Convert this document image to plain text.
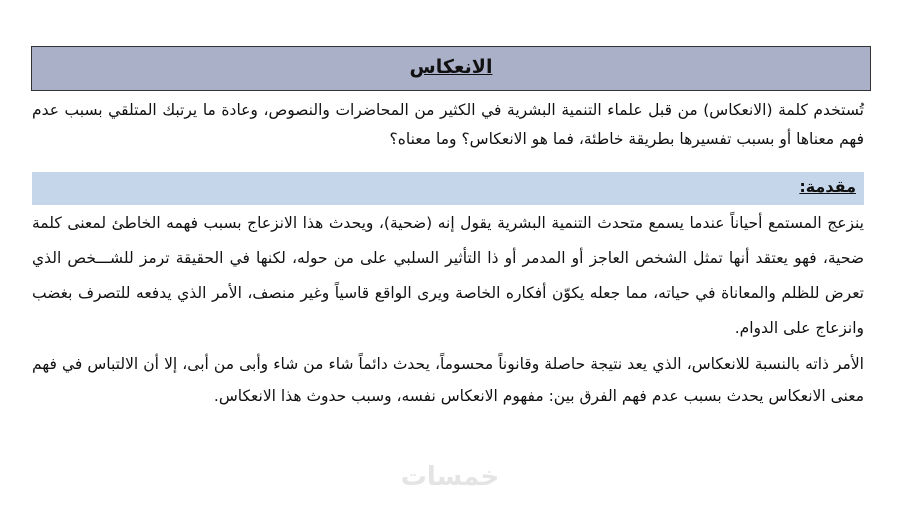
الانعكاس
تُستخدم كلمة (الانعكاس) من قبل علماء التنمية البشرية في الكثير من المحاضرات والنصوص، وعادة ما يرتبك المتلقي بسبب عدم فهم معناها أو بسبب تفسيرها بطريقة خاطئة، فما هو الانعكاس؟ وما معناه؟
مقدمة:
ينزعج المستمع أحياناً عندما يسمع متحدث التنمية البشرية يقول إنه (ضحية)، ويحدث هذا الانزعاج بسبب فهمه الخاطئ لمعنى كلمة ضحية، فهو يعتقد أنها تمثل الشخص العاجز أو المدمر أو ذا التأثير السلبي على من حوله، لكنها في الحقيقة ترمز للشـــخص الذي تعرض للظلم والمعاناة في حياته، مما جعله يكوّن أفكاره الخاصة ويرى الواقع قاسياً وغير منصف، الأمر الذي يدفعه للتصرف بغضب وانزعاج على الدوام.
الأمر ذاته بالنسبة للانعكاس، الذي يعد نتيجة حاصلة وقانوناً محسوماً، يحدث دائماً شاء من شاء وأبى من أبى، إلا أن الالتباس في فهم معنى الانعكاس يحدث بسبب عدم فهم الفرق بين: مفهوم الانعكاس نفسه، وسبب حدوث هذا الانعكاس.
خمسات
